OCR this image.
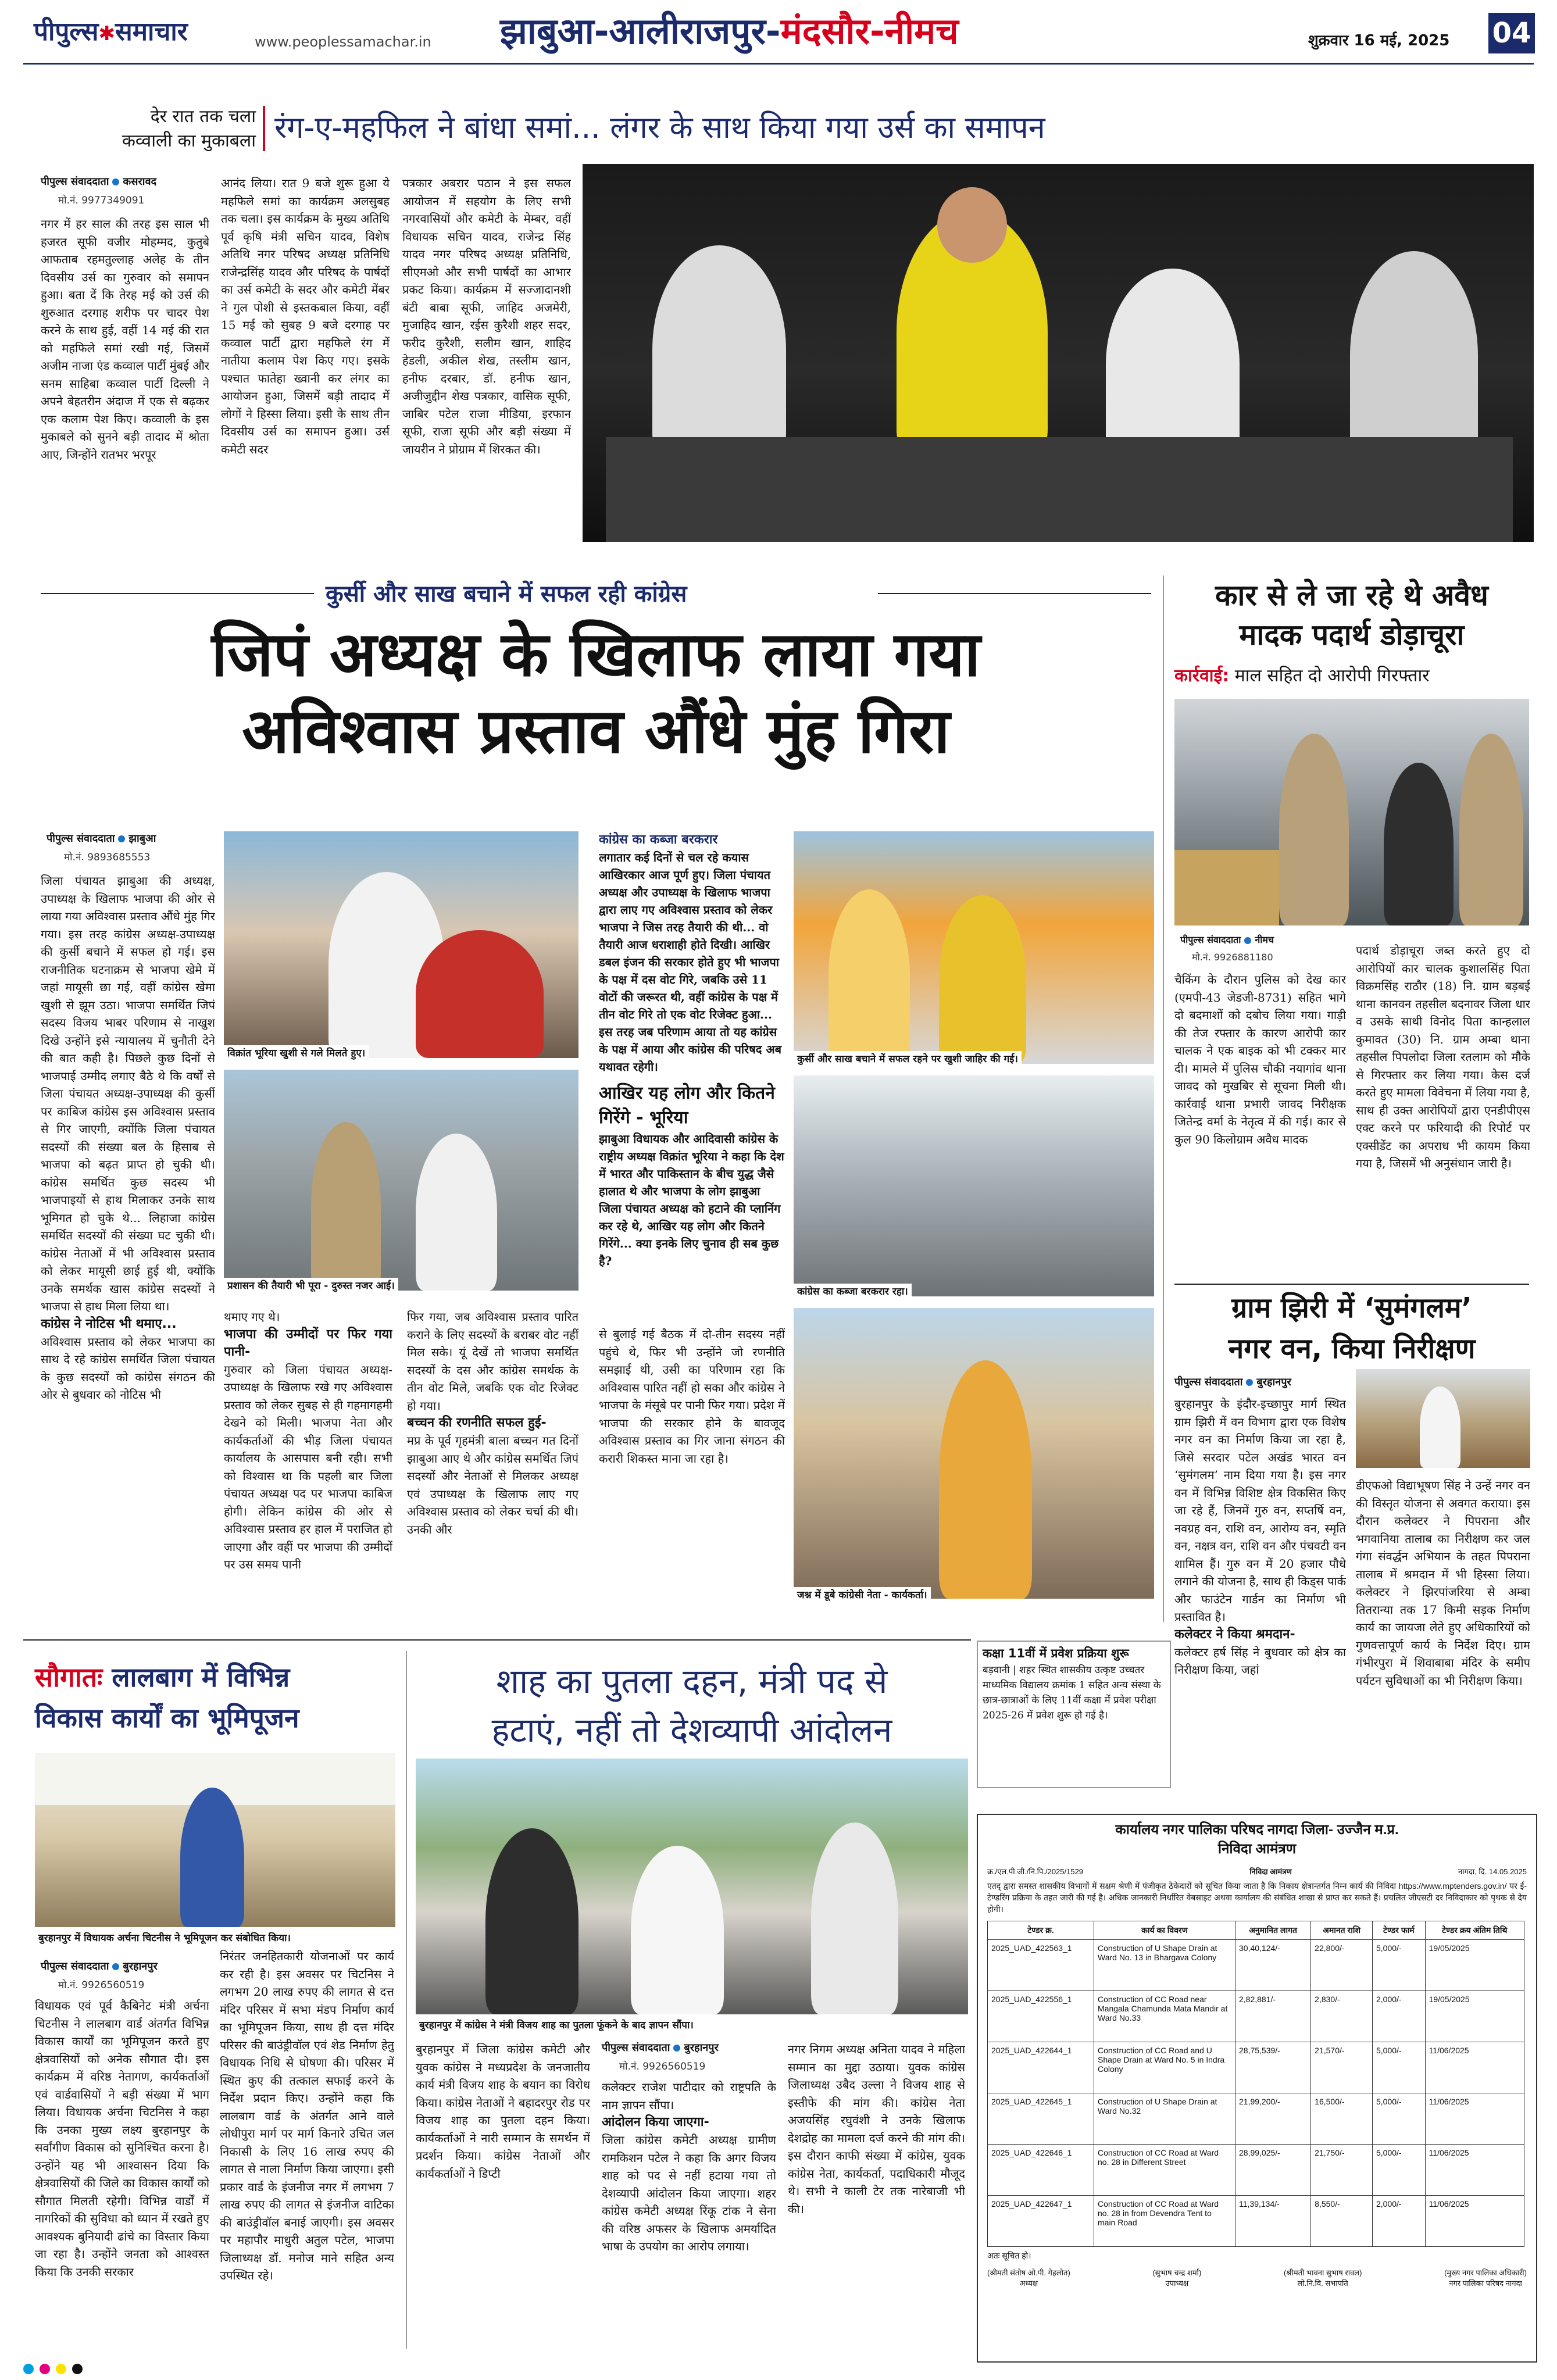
पीपुल्स✱समाचार	www.peoplessamachar.in झाबुआ-आलीराजपुर-मंदसौर-नीमच	शुक्रवार 16 मई, 2025 04
देर रात तक चला
कव्वाली का मुकाबला रंग-ए-महफिल ने बांधा समां... लंगर के साथ किया गया उर्स का समापन
पीपुल्स संवाददाता कसरावद
मो.नं. 9977349091
नगर में हर साल की तरह इस साल भी हजरत सूफी वजीर मोहम्मद, कुतुबे आफताब रहमतुल्लाह अलेह के तीन दिवसीय उर्स का गुरुवार को समापन हुआ। बता दें कि तेरह मई को उर्स की शुरुआत दरगाह शरीफ पर चादर पेश करने के साथ हुई, वहीं 14 मई की रात को महफिले समां रखी गई, जिसमें अजीम नाजा एंड कव्वाल पार्टी मुंबई और सनम साहिबा कव्वाल पार्टी दिल्ली ने अपने बेहतरीन अंदाज में एक से बढ़कर एक कलाम पेश किए। कव्वाली के इस मुकाबले को सुनने बड़ी तादाद में श्रोता आए, जिन्होंने रातभर भरपूर
आनंद लिया। रात 9 बजे शुरू हुआ ये महफिले समां का कार्यक्रम अलसुबह तक चला। इस कार्यक्रम के मुख्य अतिथि पूर्व कृषि मंत्री सचिन यादव, विशेष अतिथि नगर परिषद अध्यक्ष प्रतिनिधि राजेन्द्रसिंह यादव और परिषद के पार्षदों का उर्स कमेटी के सदर और कमेटी मेंबर ने गुल पोशी से इस्तकबाल किया, वहीं 15 मई को सुबह 9 बजे दरगाह पर कव्वाल पार्टी द्वारा महफिले रंग में नातीया कलाम पेश किए गए। इसके पश्चात फातेहा ख्वानी कर लंगर का आयोजन हुआ, जिसमें बड़ी तादाद में लोगों ने हिस्सा लिया। इसी के साथ तीन दिवसीय उर्स का समापन हुआ। उर्स कमेटी सदर
पत्रकार अबरार पठान ने इस सफल आयोजन में सहयोग के लिए सभी नगरवासियों और कमेटी के मेम्बर, वहीं विधायक सचिन यादव, राजेन्द्र सिंह यादव नगर परिषद अध्यक्ष प्रतिनिधि, सीएमओ और सभी पार्षदों का आभार प्रकट किया। कार्यक्रम में सज्जादानशी बंटी बाबा सूफी, जाहिद अजमेरी, मुजाहिद खान, रईस कुरैशी शहर सदर, फरीद कुरैशी, सलीम खान, शाहिद हेडली, अकील शेख, तस्लीम खान, हनीफ दरबार, डॉ. हनीफ खान, अजीजुद्दीन शेख पत्रकार, वासिक सूफी, जाबिर पटेल राजा मीडिया, इरफान सूफी, राजा सूफी और बड़ी संख्या में जायरीन ने प्रोग्राम में शिरकत की।
कुर्सी और साख बचाने में सफल रही कांग्रेस
जिपं अध्यक्ष के खिलाफ लाया गया
अविश्वास प्रस्ताव औंधे मुंह गिरा
पीपुल्स संवाददाता झाबुआ
मो.नं. 9893685553
जिला पंचायत झाबुआ की अध्यक्ष, उपाध्यक्ष के खिलाफ भाजपा की ओर से लाया गया अविश्वास प्रस्ताव औंधे मुंह गिर गया। इस तरह कांग्रेस अध्यक्ष-उपाध्यक्ष की कुर्सी बचाने में सफल हो गई। इस राजनीतिक घटनाक्रम से भाजपा खेमे में जहां मायूसी छा गई, वहीं कांग्रेस खेमा खुशी से झूम उठा। भाजपा समर्थित जिपं सदस्य विजय भाबर परिणाम से नाखुश दिखे उन्होंने इसे न्यायालय में चुनौती देने की बात कही है। पिछले कुछ दिनों से भाजपाई उम्मीद लगाए बैठे थे कि वर्षों से जिला पंचायत अध्यक्ष-उपाध्यक्ष की कुर्सी पर काबिज कांग्रेस इस अविश्वास प्रस्ताव से गिर जाएगी, क्योंकि जिला पंचायत सदस्यों की संख्या बल के हिसाब से भाजपा को बढ़त प्राप्त हो चुकी थी। कांग्रेस समर्थित कुछ सदस्य भी भाजपाइयों से हाथ मिलाकर उनके साथ भूमिगत हो चुके थे... लिहाजा कांग्रेस समर्थित सदस्यों की संख्या घट चुकी थी। कांग्रेस नेताओं में भी अविश्वास प्रस्ताव को लेकर मायूसी छाई हुई थी, क्योंकि उनके समर्थक खास कांग्रेस सदस्यों ने भाजपा से हाथ मिला लिया था।
कांग्रेस ने नोटिस भी थमाए...
अविश्वास प्रस्ताव को लेकर भाजपा का साथ दे रहे कांग्रेस समर्थित जिला पंचायत के कुछ सदस्यों को कांग्रेस संगठन की ओर से बुधवार को नोटिस भी
विक्रांत भूरिया खुशी से गले मिलते हुए।
प्रशासन की तैयारी भी पूरा - दुरुस्त नजर आई।
थमाए गए थे।
भाजपा की उम्मीदों पर फिर गया पानी-
गुरुवार को जिला पंचायत अध्यक्ष-उपाध्यक्ष के खिलाफ रखे गए अविश्वास प्रस्ताव को लेकर सुबह से ही गहमागहमी देखने को मिली। भाजपा नेता और कार्यकर्ताओं की भीड़ जिला पंचायत कार्यालय के आसपास बनी रही। सभी को विश्वास था कि पहली बार जिला पंचायत अध्यक्ष पद पर भाजपा काबिज होगी। लेकिन कांग्रेस की ओर से अविश्वास प्रस्ताव हर हाल में पराजित हो जाएगा और वहीं पर भाजपा की उम्मीदों पर उस समय पानी
फिर गया, जब अविश्वास प्रस्ताव पारित कराने के लिए सदस्यों के बराबर वोट नहीं मिल सके। यूं देखें तो भाजपा समर्थित सदस्यों के दस और कांग्रेस समर्थक के तीन वोट मिले, जबकि एक वोट रिजेक्ट हो गया।
बच्चन की रणनीति सफल हुई-
मप्र के पूर्व गृहमंत्री बाला बच्चन गत दिनों झाबुआ आए थे और कांग्रेस समर्थित जिपं सदस्यों और नेताओं से मिलकर अध्यक्ष एवं उपाध्यक्ष के खिलाफ लाए गए अविश्वास प्रस्ताव को लेकर चर्चा की थी। उनकी और
कांग्रेस का कब्जा बरकरार
लगातार कई दिनों से चल रहे कयास आखिरकार आज पूर्ण हुए। जिला पंचायत अध्यक्ष और उपाध्यक्ष के खिलाफ भाजपा द्वारा लाए गए अविश्वास प्रस्ताव को लेकर भाजपा ने जिस तरह तैयारी की थी... वो तैयारी आज धराशाही होते दिखी। आखिर डबल इंजन की सरकार होते हुए भी भाजपा के पक्ष में दस वोट गिरे, जबकि उसे 11 वोटों की जरूरत थी, वहीं कांग्रेस के पक्ष में तीन वोट गिरे तो एक वोट रिजेक्ट हुआ... इस तरह जब परिणाम आया तो यह कांग्रेस के पक्ष में आया और कांग्रेस की परिषद अब यथावत रहेगी।
आखिर यह लोग और कितने गिरेंगे - भूरिया
झाबुआ विधायक और आदिवासी कांग्रेस के राष्ट्रीय अध्यक्ष विक्रांत भूरिया ने कहा कि देश में भारत और पाकिस्तान के बीच युद्ध जैसे हालात थे और भाजपा के लोग झाबुआ जिला पंचायत अध्यक्ष को हटाने की प्लानिंग कर रहे थे, आखिर यह लोग और कितने गिरेंगे... क्या इनके लिए चुनाव ही सब कुछ है?
कुर्सी और साख बचाने में सफल रहने पर खुशी जाहिर की गई।
कांग्रेस का कब्जा बरकरार रहा।
से बुलाई गई बैठक में दो-तीन सदस्य नहीं पहुंचे थे, फिर भी उन्होंने जो रणनीति समझाई थी, उसी का परिणाम रहा कि अविश्वास पारित नहीं हो सका और कांग्रेस ने भाजपा के मंसूबे पर पानी फिर गया। प्रदेश में भाजपा की सरकार होने के बावजूद अविश्वास प्रस्ताव का गिर जाना संगठन की करारी शिकस्त माना जा रहा है।
जश्न में डूबे कांग्रेसी नेता - कार्यकर्ता।
कार से ले जा रहे थे अवैध
मादक पदार्थ डोड़ाचूरा
कार्रवाई: माल सहित दो आरोपी गिरफ्तार
पीपुल्स संवाददाता नीमच
मो.नं. 9926881180
चैकिंग के दौरान पुलिस को देख कार (एमपी-43 जेडजी-8731) सहित भागे दो बदमाशों को दबोच लिया गया। गाड़ी की तेज रफ्तार के कारण आरोपी कार चालक ने एक बाइक को भी टक्कर मार दी। मामले में पुलिस चौकी नयागांव थाना जावद को मुखबिर से सूचना मिली थी। कार्रवाई थाना प्रभारी जावद निरीक्षक जितेन्द्र वर्मा के नेतृत्व में की गई। कार से कुल 90 किलोग्राम अवैध मादक
पदार्थ डोड़ाचूरा जब्त करते हुए दो आरोपियों कार चालक कुशालसिंह पिता विक्रमसिंह राठौर (18) नि. ग्राम बड़बई थाना कानवन तहसील बदनावर जिला धार व उसके साथी विनोद पिता कान्हलाल कुमावत (30) नि. ग्राम अम्बा थाना तहसील पिपलोदा जिला रतलाम को मौके से गिरफ्तार कर लिया गया। केस दर्ज करते हुए मामला विवेचना में लिया गया है, साथ ही उक्त आरोपियों द्वारा एनडीपीएस एक्ट करने पर फरियादी की रिपोर्ट पर एक्सीडेंट का अपराध भी कायम किया गया है, जिसमें भी अनुसंधान जारी है।
ग्राम झिरी में ‘सुमंगलम’
नगर वन, किया निरीक्षण
पीपुल्स संवाददाता बुरहानपुर
बुरहानपुर के इंदौर-इच्छापुर मार्ग स्थित ग्राम झिरी में वन विभाग द्वारा एक विशेष नगर वन का निर्माण किया जा रहा है, जिसे सरदार पटेल अखंड भारत वन ‘सुमंगलम’ नाम दिया गया है। इस नगर वन में विभिन्न विशिष्ट क्षेत्र विकसित किए जा रहे हैं, जिनमें गुरु वन, सप्तर्षि वन, नवग्रह वन, राशि वन, आरोग्य वन, स्मृति वन, नक्षत्र वन, राशि वन और पंचवटी वन शामिल हैं। गुरु वन में 20 हजार पौधे लगाने की योजना है, साथ ही किड्स पार्क और फाउंटेन गार्डन का निर्माण भी प्रस्तावित है।
कलेक्टर ने किया श्रमदान-
कलेक्टर हर्ष सिंह ने बुधवार को क्षेत्र का निरीक्षण किया, जहां
डीएफओ विद्याभूषण सिंह ने उन्हें नगर वन की विस्तृत योजना से अवगत कराया। इस दौरान कलेक्टर ने पिपराना और भगवानिया तालाब का निरीक्षण कर जल गंगा संवर्द्धन अभियान के तहत पिपराना तालाब में श्रमदान में भी हिस्सा लिया। कलेक्टर ने झिरपांजरिया से अम्बा तितरान्या तक 17 किमी सड़क निर्माण कार्य का जायजा लेते हुए अधिकारियों को गुणवत्तापूर्ण कार्य के निर्देश दिए। ग्राम गंभीरपुरा में शिवाबाबा मंदिर के समीप पर्यटन सुविधाओं का भी निरीक्षण किया।
सौगातः लालबाग में विभिन्न
विकास कार्यों का भूमिपूजन
बुरहानपुर में विधायक अर्चना चिटनीस ने भूमिपूजन कर संबोधित किया।
पीपुल्स संवाददाता बुरहानपुर
मो.नं. 9926560519
विधायक एवं पूर्व कैबिनेट मंत्री अर्चना चिटनीस ने लालबाग वार्ड अंतर्गत विभिन्न विकास कार्यों का भूमिपूजन करते हुए क्षेत्रवासियों को अनेक सौगात दी। इस कार्यक्रम में वरिष्ठ नेतागण, कार्यकर्ताओं एवं वार्डवासियों ने बड़ी संख्या में भाग लिया। विधायक अर्चना चिटनिस ने कहा कि उनका मुख्य लक्ष्य बुरहानपुर के सर्वांगीण विकास को सुनिश्चित करना है। उन्होंने यह भी आश्वासन दिया कि क्षेत्रवासियों की जिले का विकास कार्यों को सौगात मिलती रहेगी। विभिन्न वार्डों में नागरिकों की सुविधा को ध्यान में रखते हुए आवश्यक बुनियादी ढांचे का विस्तार किया जा रहा है। उन्होंने जनता को आश्वस्त किया कि उनकी सरकार
निरंतर जनहितकारी योजनाओं पर कार्य कर रही है। इस अवसर पर चिटनिस ने लगभग 20 लाख रुपए की लागत से दत्त मंदिर परिसर में सभा मंडप निर्माण कार्य का भूमिपूजन किया, साथ ही दत्त मंदिर परिसर की बाउंड्रीवॉल एवं शेड निर्माण हेतु विधायक निधि से घोषणा की। परिसर में स्थित कुए की तत्काल सफाई करने के निर्देश प्रदान किए। उन्होंने कहा कि लालबाग वार्ड के अंतर्गत आने वाले लोधीपुरा मार्ग पर मार्ग किनारे उचित जल निकासी के लिए 16 लाख रुपए की लागत से नाला निर्माण किया जाएगा। इसी प्रकार वार्ड के इंजनीज नगर में लगभग 7 लाख रुपए की लागत से इंजनीज वाटिका की बाउंड्रीवॉल बनाई जाएगी। इस अवसर पर महापौर माधुरी अतुल पटेल, भाजपा जिलाध्यक्ष डॉ. मनोज माने सहित अन्य उपस्थित रहे।
शाह का पुतला दहन, मंत्री पद से
हटाएं, नहीं तो देशव्यापी आंदोलन
बुरहानपुर में कांग्रेस ने मंत्री विजय शाह का पुतला फूंकने के बाद ज्ञापन सौंपा।
बुरहानपुर में जिला कांग्रेस कमेटी और युवक कांग्रेस ने मध्यप्रदेश के जनजातीय कार्य मंत्री विजय शाह के बयान का विरोध किया। कांग्रेस नेताओं ने बहादरपुर रोड पर विजय शाह का पुतला दहन किया। कार्यकर्ताओं ने नारी सम्मान के समर्थन में प्रदर्शन किया। कांग्रेस नेताओं और कार्यकर्ताओं ने डिप्टी
पीपुल्स संवाददाता बुरहानपुर
मो.नं. 9926560519
कलेक्टर राजेश पाटीदार को राष्ट्रपति के नाम ज्ञापन सौंपा।
आंदोलन किया जाएगा-
जिला कांग्रेस कमेटी अध्यक्ष ग्रामीण रामकिशन पटेल ने कहा कि अगर विजय शाह को पद से नहीं हटाया गया तो देशव्यापी आंदोलन किया जाएगा। शहर कांग्रेस कमेटी अध्यक्ष रिंकू टांक ने सेना की वरिष्ठ अफसर के खिलाफ अमर्यादित भाषा के उपयोग का आरोप लगाया।
नगर निगम अध्यक्ष अनिता यादव ने महिला सम्मान का मुद्दा उठाया। युवक कांग्रेस जिलाध्यक्ष उबैद उल्ला ने विजय शाह से इस्तीफे की मांग की। कांग्रेस नेता अजयसिंह रघुवंशी ने उनके खिलाफ देशद्रोह का मामला दर्ज करने की मांग की। इस दौरान काफी संख्या में कांग्रेस, युवक कांग्रेस नेता, कार्यकर्ता, पदाधिकारी मौजूद थे। सभी ने काली टेर तक नारेबाजी भी की।
कक्षा 11वीं में प्रवेश प्रक्रिया शुरू
बड़वानी | शहर स्थित शासकीय उत्कृष्ट उच्चतर माध्यमिक विद्यालय क्रमांक 1 सहित अन्य संस्था के छात्र-छात्राओं के लिए 11वीं कक्षा में प्रवेश परीक्षा 2025-26 में प्रवेश शुरू हो गई है।
कार्यालय नगर पालिका परिषद नागदा जिला- उज्जैन म.प्र.
निविदा आमंत्रण
क्र./एल.पी.जी./नि.पि./2025/1529	निविदा आमंत्रण	नागदा, दि. 14.05.2025
एतद् द्वारा समस्त शासकीय विभागों में सक्षम श्रेणी में पंजीकृत ठेकेदारों को सूचित किया जाता है कि निकाय क्षेत्रान्तर्गत निम्न कार्य की निविदा https://www.mptenders.gov.in/ पर ई-टेण्डरिंग प्रक्रिया के तहत जारी की गई है। अधिक जानकारी निर्धारित वेबसाइट अथवा कार्यालय की संबंधित शाखा से प्राप्त कर सकते हैं। प्रचलित जीएसटी दर निविदाकार को पृथक से देय होगी।
टेण्डर क्र.	कार्य का विवरण	अनुमानित लागत	अमानत राशि	टेण्डर फार्म	टेण्डर क्रय अंतिम तिथि
2025_UAD_422563_1	Construction of U Shape Drain at Ward No. 13 in Bhargava Colony	30,40,124/-	22,800/-	5,000/-	19/05/2025
2025_UAD_422556_1	Construction of CC Road near Mangala Chamunda Mata Mandir at Ward No.33	2,82,881/-	2,830/-	2,000/-	19/05/2025
2025_UAD_422644_1	Construction of CC Road and U Shape Drain at Ward No. 5 in Indra Colony	28,75,539/-	21,570/-	5,000/-	11/06/2025
2025_UAD_422645_1	Construction of U Shape Drain at Ward No.32	21,99,200/-	16,500/-	5,000/-	11/06/2025
2025_UAD_422646_1	Construction of CC Road at Ward no. 28 in Different Street	28,99,025/-	21,750/-	5,000/-	11/06/2025
2025_UAD_422647_1	Construction of CC Road at Ward no. 28 in from Devendra Tent to main Road	11,39,134/-	8,550/-	2,000/-	11/06/2025
अतः सूचित हो।
(श्रीमती संतोष ओ.पी. गेहलोत)
अध्यक्ष
(सुभाष चन्द्र शर्मा)
उपाध्यक्ष
(श्रीमती भावना सुभाष रावल)
लो.नि.वि. सभापति
(मुख्य नगर पालिका अधिकारी)
नगर पालिका परिषद नागदा
